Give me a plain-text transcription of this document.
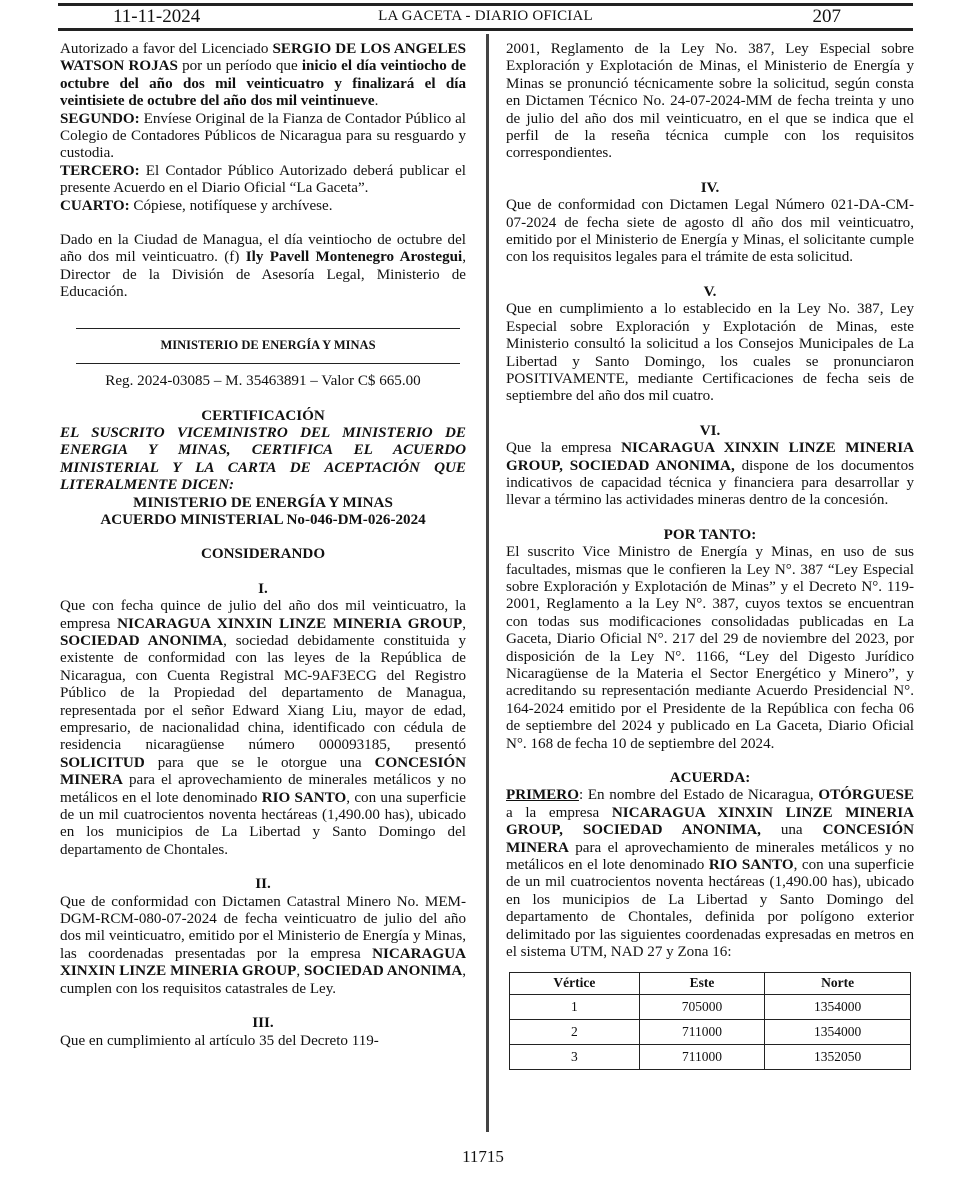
11-11-2024	LA GACETA - DIARIO OFICIAL	207

Autorizado a favor del Licenciado SERGIO DE LOS ANGELES WATSON ROJAS por un período que inicio el día veintiocho de octubre del año dos mil veinticuatro y finalizará el día veintisiete de octubre del año dos mil veintinueve.

SEGUNDO: Envíese Original de la Fianza de Contador Público al Colegio de Contadores Públicos de Nicaragua para su resguardo y custodia.

TERCERO: El Contador Público Autorizado deberá publicar el presente Acuerdo en el Diario Oficial “La Gaceta”.

CUARTO: Cópiese, notifíquese y archívese.

Dado en la Ciudad de Managua, el día veintiocho de octubre del año dos mil veinticuatro. (f) Ily Pavell Montenegro Arostegui, Director de la División de Asesoría Legal, Ministerio de Educación.

MINISTERIO DE ENERGÍA Y MINAS

Reg. 2024-03085 – M. 35463891 – Valor C$ 665.00

CERTIFICACIÓN

EL SUSCRITO VICEMINISTRO DEL MINISTERIO DE ENERGIA Y MINAS, CERTIFICA EL ACUERDO MINISTERIAL Y LA CARTA DE ACEPTACIÓN QUE LITERALMENTE DICEN:

MINISTERIO DE ENERGÍA Y MINAS

ACUERDO MINISTERIAL No-046-DM-026-2024

CONSIDERANDO

I.

Que con fecha quince de julio del año dos mil veinticuatro, la empresa NICARAGUA XINXIN LINZE MINERIA GROUP, SOCIEDAD ANONIMA, sociedad debidamente constituida y existente de conformidad con las leyes de la República de Nicaragua, con Cuenta Registral MC-9AF3ECG del Registro Público de la Propiedad del departamento de Managua, representada por el señor Edward Xiang Liu, mayor de edad, empresario, de nacionalidad china, identificado con cédula de residencia nicaragüense número 000093185, presentó SOLICITUD para que se le otorgue una CONCESIÓN MINERA para el aprovechamiento de minerales metálicos y no metálicos en el lote denominado RIO SANTO, con una superficie de un mil cuatrocientos noventa hectáreas (1,490.00 has), ubicado en los municipios de La Libertad y Santo Domingo del departamento de Chontales.

II.

Que de conformidad con Dictamen Catastral Minero No. MEM-DGM-RCM-080-07-2024 de fecha veinticuatro de julio del año dos mil veinticuatro, emitido por el Ministerio de Energía y Minas, las coordenadas presentadas por la empresa NICARAGUA XINXIN LINZE MINERIA GROUP, SOCIEDAD ANONIMA, cumplen con los requisitos catastrales de Ley.

III.

Que en cumplimiento al artículo 35 del Decreto 119-

2001, Reglamento de la Ley No. 387, Ley Especial sobre Exploración y Explotación de Minas, el Ministerio de Energía y Minas se pronunció técnicamente sobre la solicitud, según consta en Dictamen Técnico No. 24-07-2024-MM de fecha treinta y uno de julio del año dos mil veinticuatro, en el que se indica que el perfil de la reseña técnica cumple con los requisitos correspondientes.

IV.

Que de conformidad con Dictamen Legal Número 021-DA-CM-07-2024 de fecha siete de agosto dl año dos mil veinticuatro, emitido por el Ministerio de Energía y Minas, el solicitante cumple con los requisitos legales para el trámite de esta solicitud.

V.

Que en cumplimiento a lo establecido en la Ley No. 387, Ley Especial sobre Exploración y Explotación de Minas, este Ministerio consultó la solicitud a los Consejos Municipales de La Libertad y Santo Domingo, los cuales se pronunciaron POSITIVAMENTE, mediante Certificaciones de fecha seis de septiembre del año dos mil cuatro.

VI.

Que la empresa NICARAGUA XINXIN LINZE MINERIA GROUP, SOCIEDAD ANONIMA, dispone de los documentos indicativos de capacidad técnica y financiera para desarrollar y llevar a término las actividades mineras dentro de la concesión.

POR TANTO:

El suscrito Vice Ministro de Energía y Minas, en uso de sus facultades, mismas que le confieren la Ley N°. 387 “Ley Especial sobre Exploración y Explotación de Minas” y el Decreto N°. 119-2001, Reglamento a la Ley N°. 387, cuyos textos se encuentran con todas sus modificaciones consolidadas publicadas en La Gaceta, Diario Oficial N°. 217 del 29 de noviembre del 2023, por disposición de la Ley N°. 1166, “Ley del Digesto Jurídico Nicaragüense de la Materia el Sector Energético y Minero”, y acreditando su representación mediante Acuerdo Presidencial N°. 164-2024 emitido por el Presidente de la República con fecha 06 de septiembre del 2024 y publicado en La Gaceta, Diario Oficial N°. 168 de fecha 10 de septiembre del 2024.

ACUERDA:

PRIMERO: En nombre del Estado de Nicaragua, OTÓRGUESE a la empresa NICARAGUA XINXIN LINZE MINERIA GROUP, SOCIEDAD ANONIMA, una CONCESIÓN MINERA para el aprovechamiento de minerales metálicos y no metálicos en el lote denominado RIO SANTO, con una superficie de un mil cuatrocientos noventa hectáreas (1,490.00 has), ubicado en los municipios de La Libertad y Santo Domingo del departamento de Chontales, definida por polígono exterior delimitado por las siguientes coordenadas expresadas en metros en el sistema UTM, NAD 27 y Zona 16:

Vértice	Este	Norte
1	705000	1354000
2	711000	1354000
3	711000	1352050
11715
